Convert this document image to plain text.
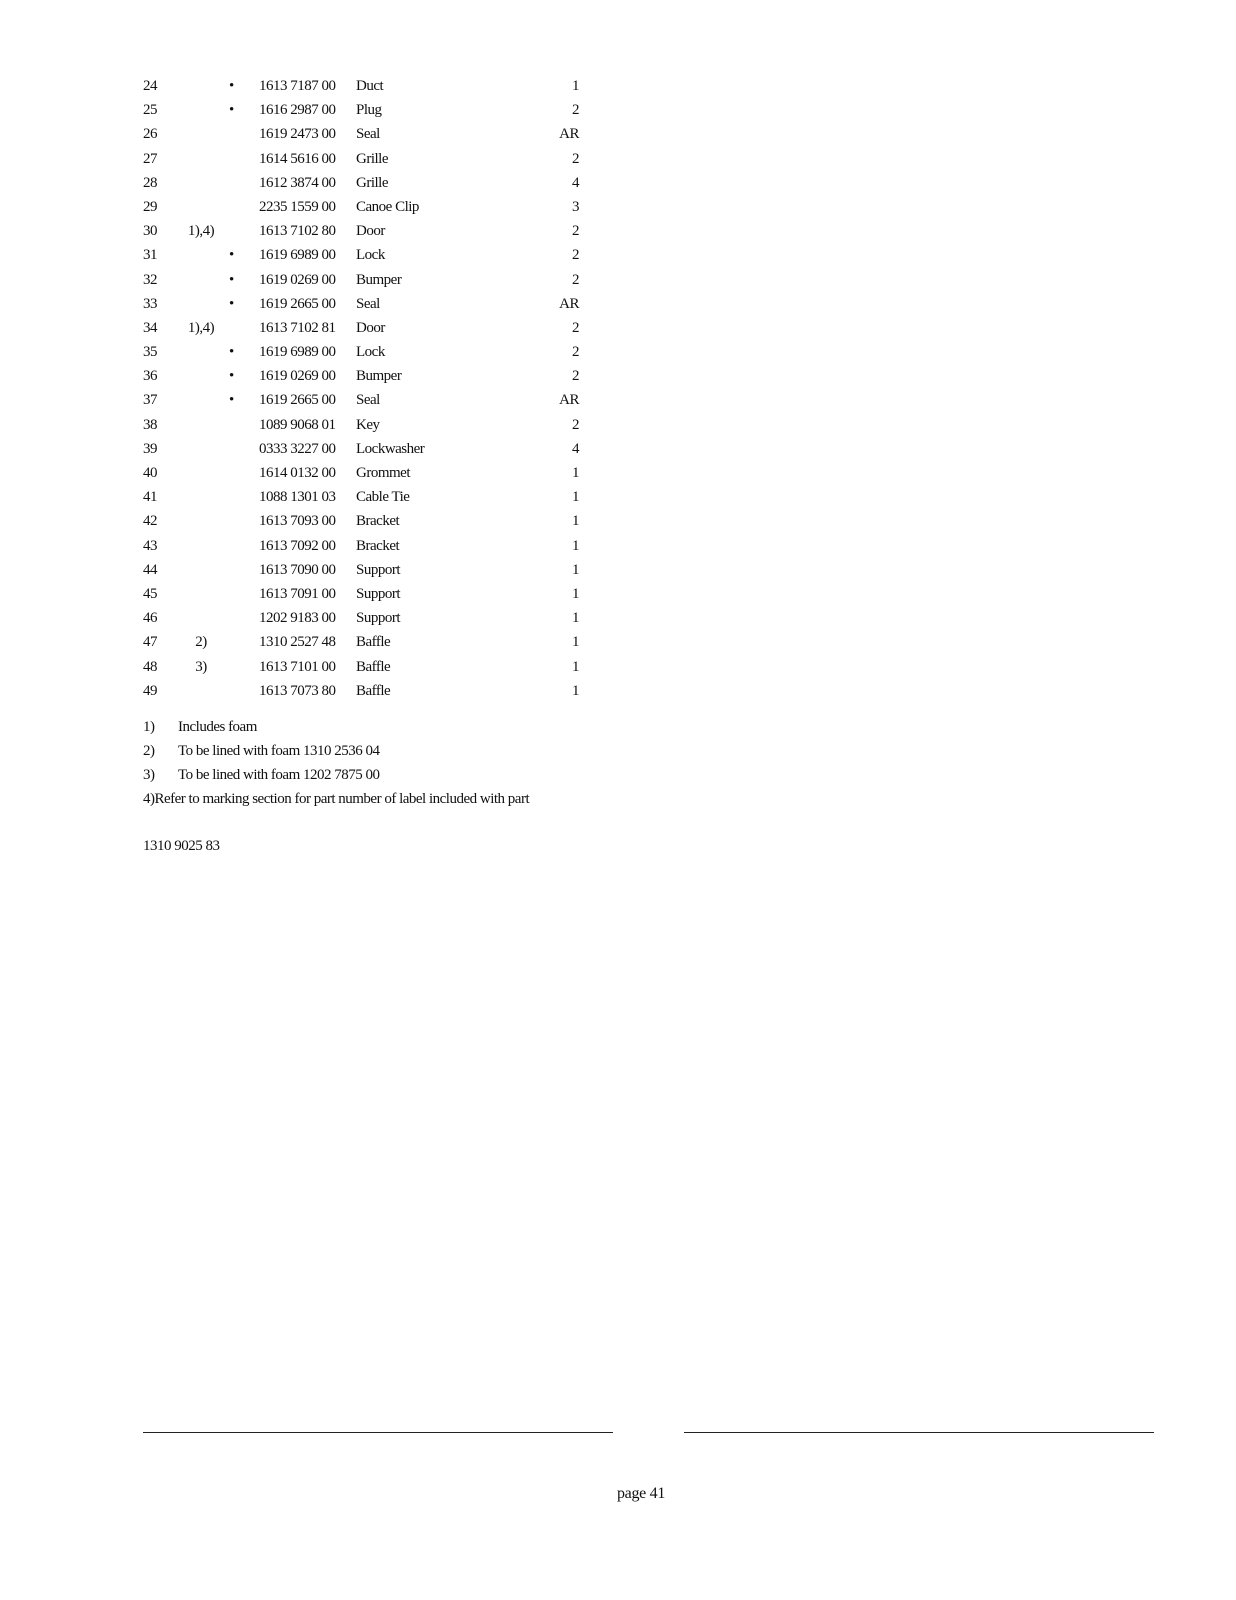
24	• 1613 7187 00 Duct	1
25	• 1616 2987 00 Plug	2
26	1619 2473 00 Seal	AR
27	1614 5616 00 Grille	2
28	1612 3874 00 Grille	4
29	2235 1559 00 Canoe Clip	3
30	1),4)	1613 7102 80 Door	2
31	• 1619 6989 00 Lock	2
32	• 1619 0269 00 Bumper	2
33	• 1619 2665 00 Seal	AR
34	1),4)	1613 7102 81 Door	2
35	• 1619 6989 00 Lock	2
36	• 1619 0269 00 Bumper	2
37	• 1619 2665 00 Seal	AR
38	1089 9068 01 Key	2
39	0333 3227 00 Lockwasher	4
40	1614 0132 00 Grommet	1
41	1088 1301 03 Cable Tie	1
42	1613 7093 00 Bracket	1
43	1613 7092 00 Bracket	1
44	1613 7090 00 Support	1
45	1613 7091 00 Support	1
46	1202 9183 00 Support	1
47	2)	1310 2527 48 Baffle	1
48	3)	1613 7101 00 Baffle	1
49	1613 7073 80 Baffle	1
1) Includes foam
2) To be lined with foam 1310 2536 04
3) To be lined with foam 1202 7875 00
4)Refer to marking section for part number of label included with part
1310 9025 83
page 41
